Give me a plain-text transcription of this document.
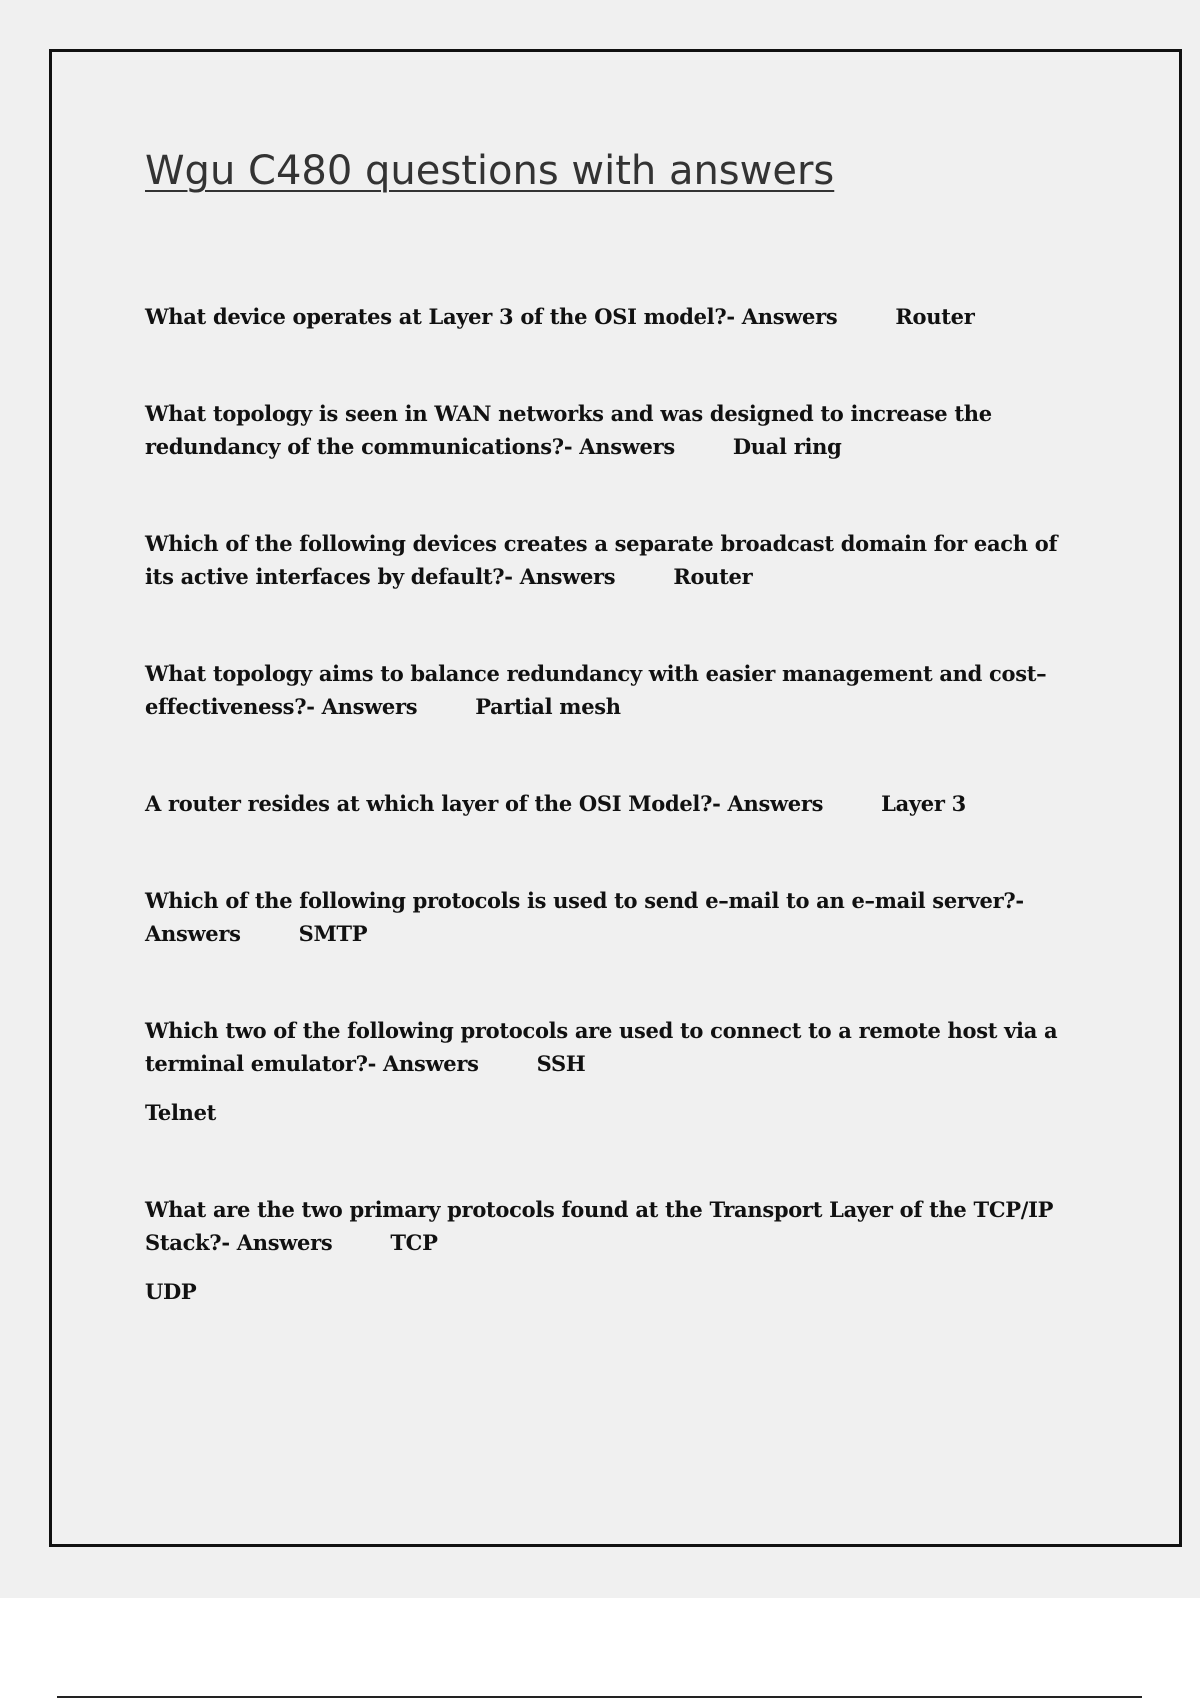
Wgu C480 questions with answers
What device operates at Layer 3 of the OSI model?- Answers	Router
What topology is seen in WAN networks and was designed to increase the redundancy of the communications?- Answers	Dual ring
Which of the following devices creates a separate broadcast domain for each of its active interfaces by default?- Answers	Router
What topology aims to balance redundancy with easier management and cost–effectiveness?- Answers	Partial mesh
A router resides at which layer of the OSI Model?- Answers	Layer 3
Which of the following protocols is used to send e–mail to an e–mail server?- Answers	SMTP
Which two of the following protocols are used to connect to a remote host via a terminal emulator?- Answers	SSH
Telnet
What are the two primary protocols found at the Transport Layer of the TCP/IP Stack?- Answers	TCP
UDP
